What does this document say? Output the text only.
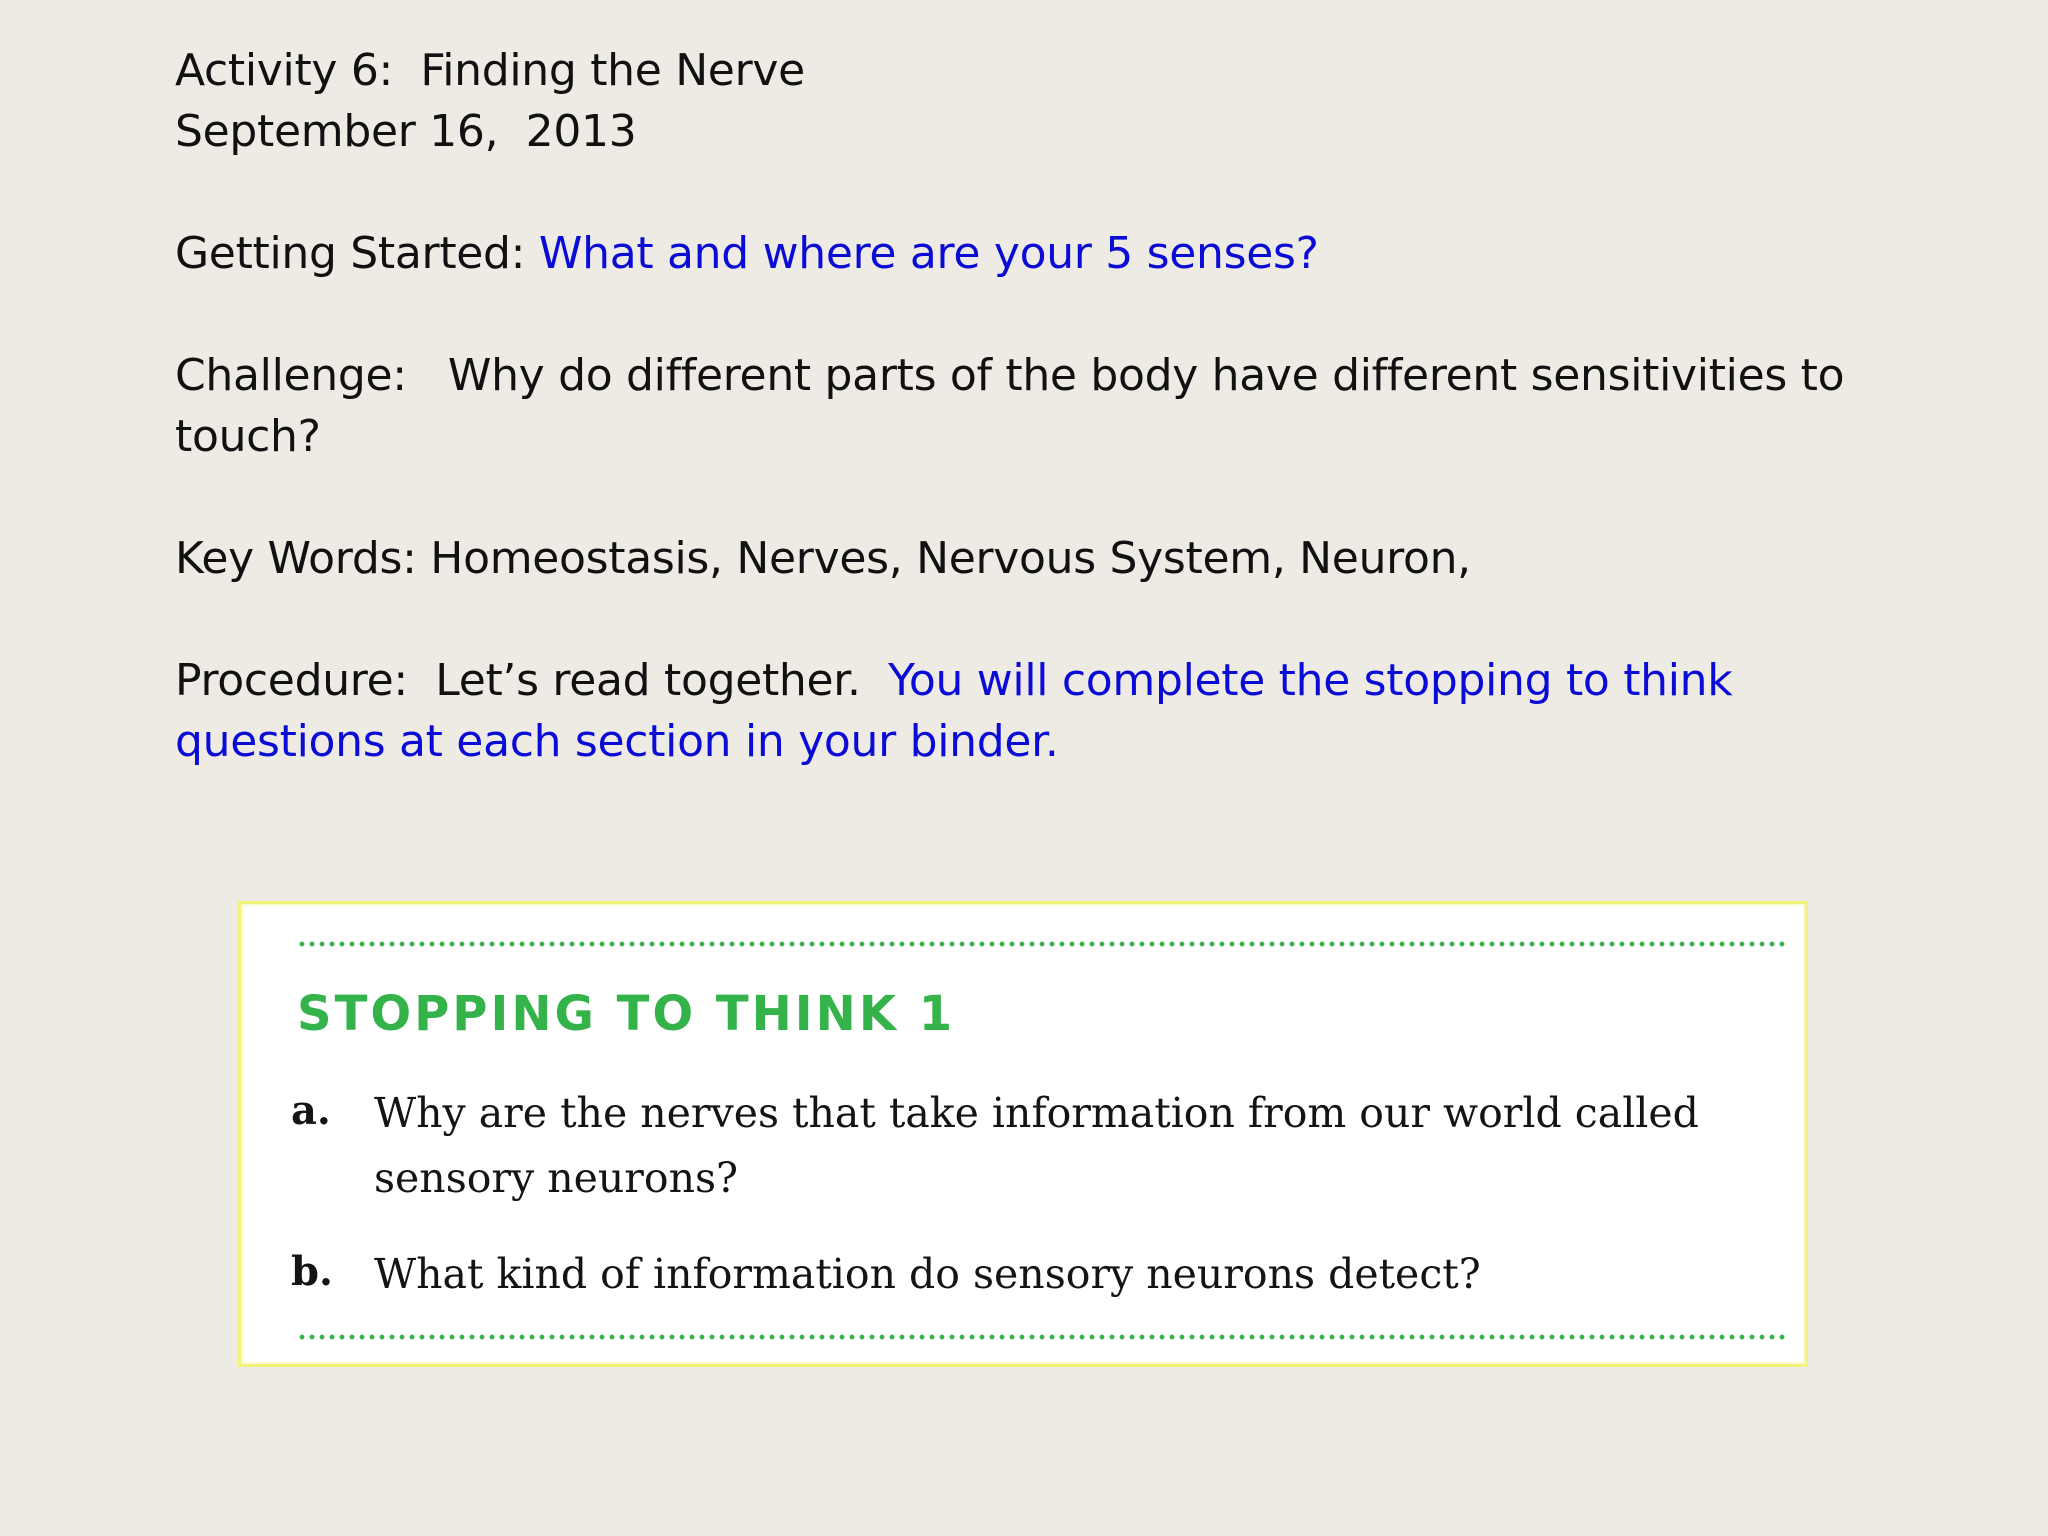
Activity 6:  Finding the Nerve
September 16,  2013
Getting Started: What and where are your 5 senses?
Challenge:   Why do different parts of the body have different sensitivities to
touch?
Key Words: Homeostasis, Nerves, Nervous System, Neuron,
Procedure:  Let’s read together.  You will complete the stopping to think
questions at each section in your binder.
STOPPING TO THINK 1
a. Why are the nerves that take information from our world called
sensory neurons?
b. What kind of information do sensory neurons detect?
